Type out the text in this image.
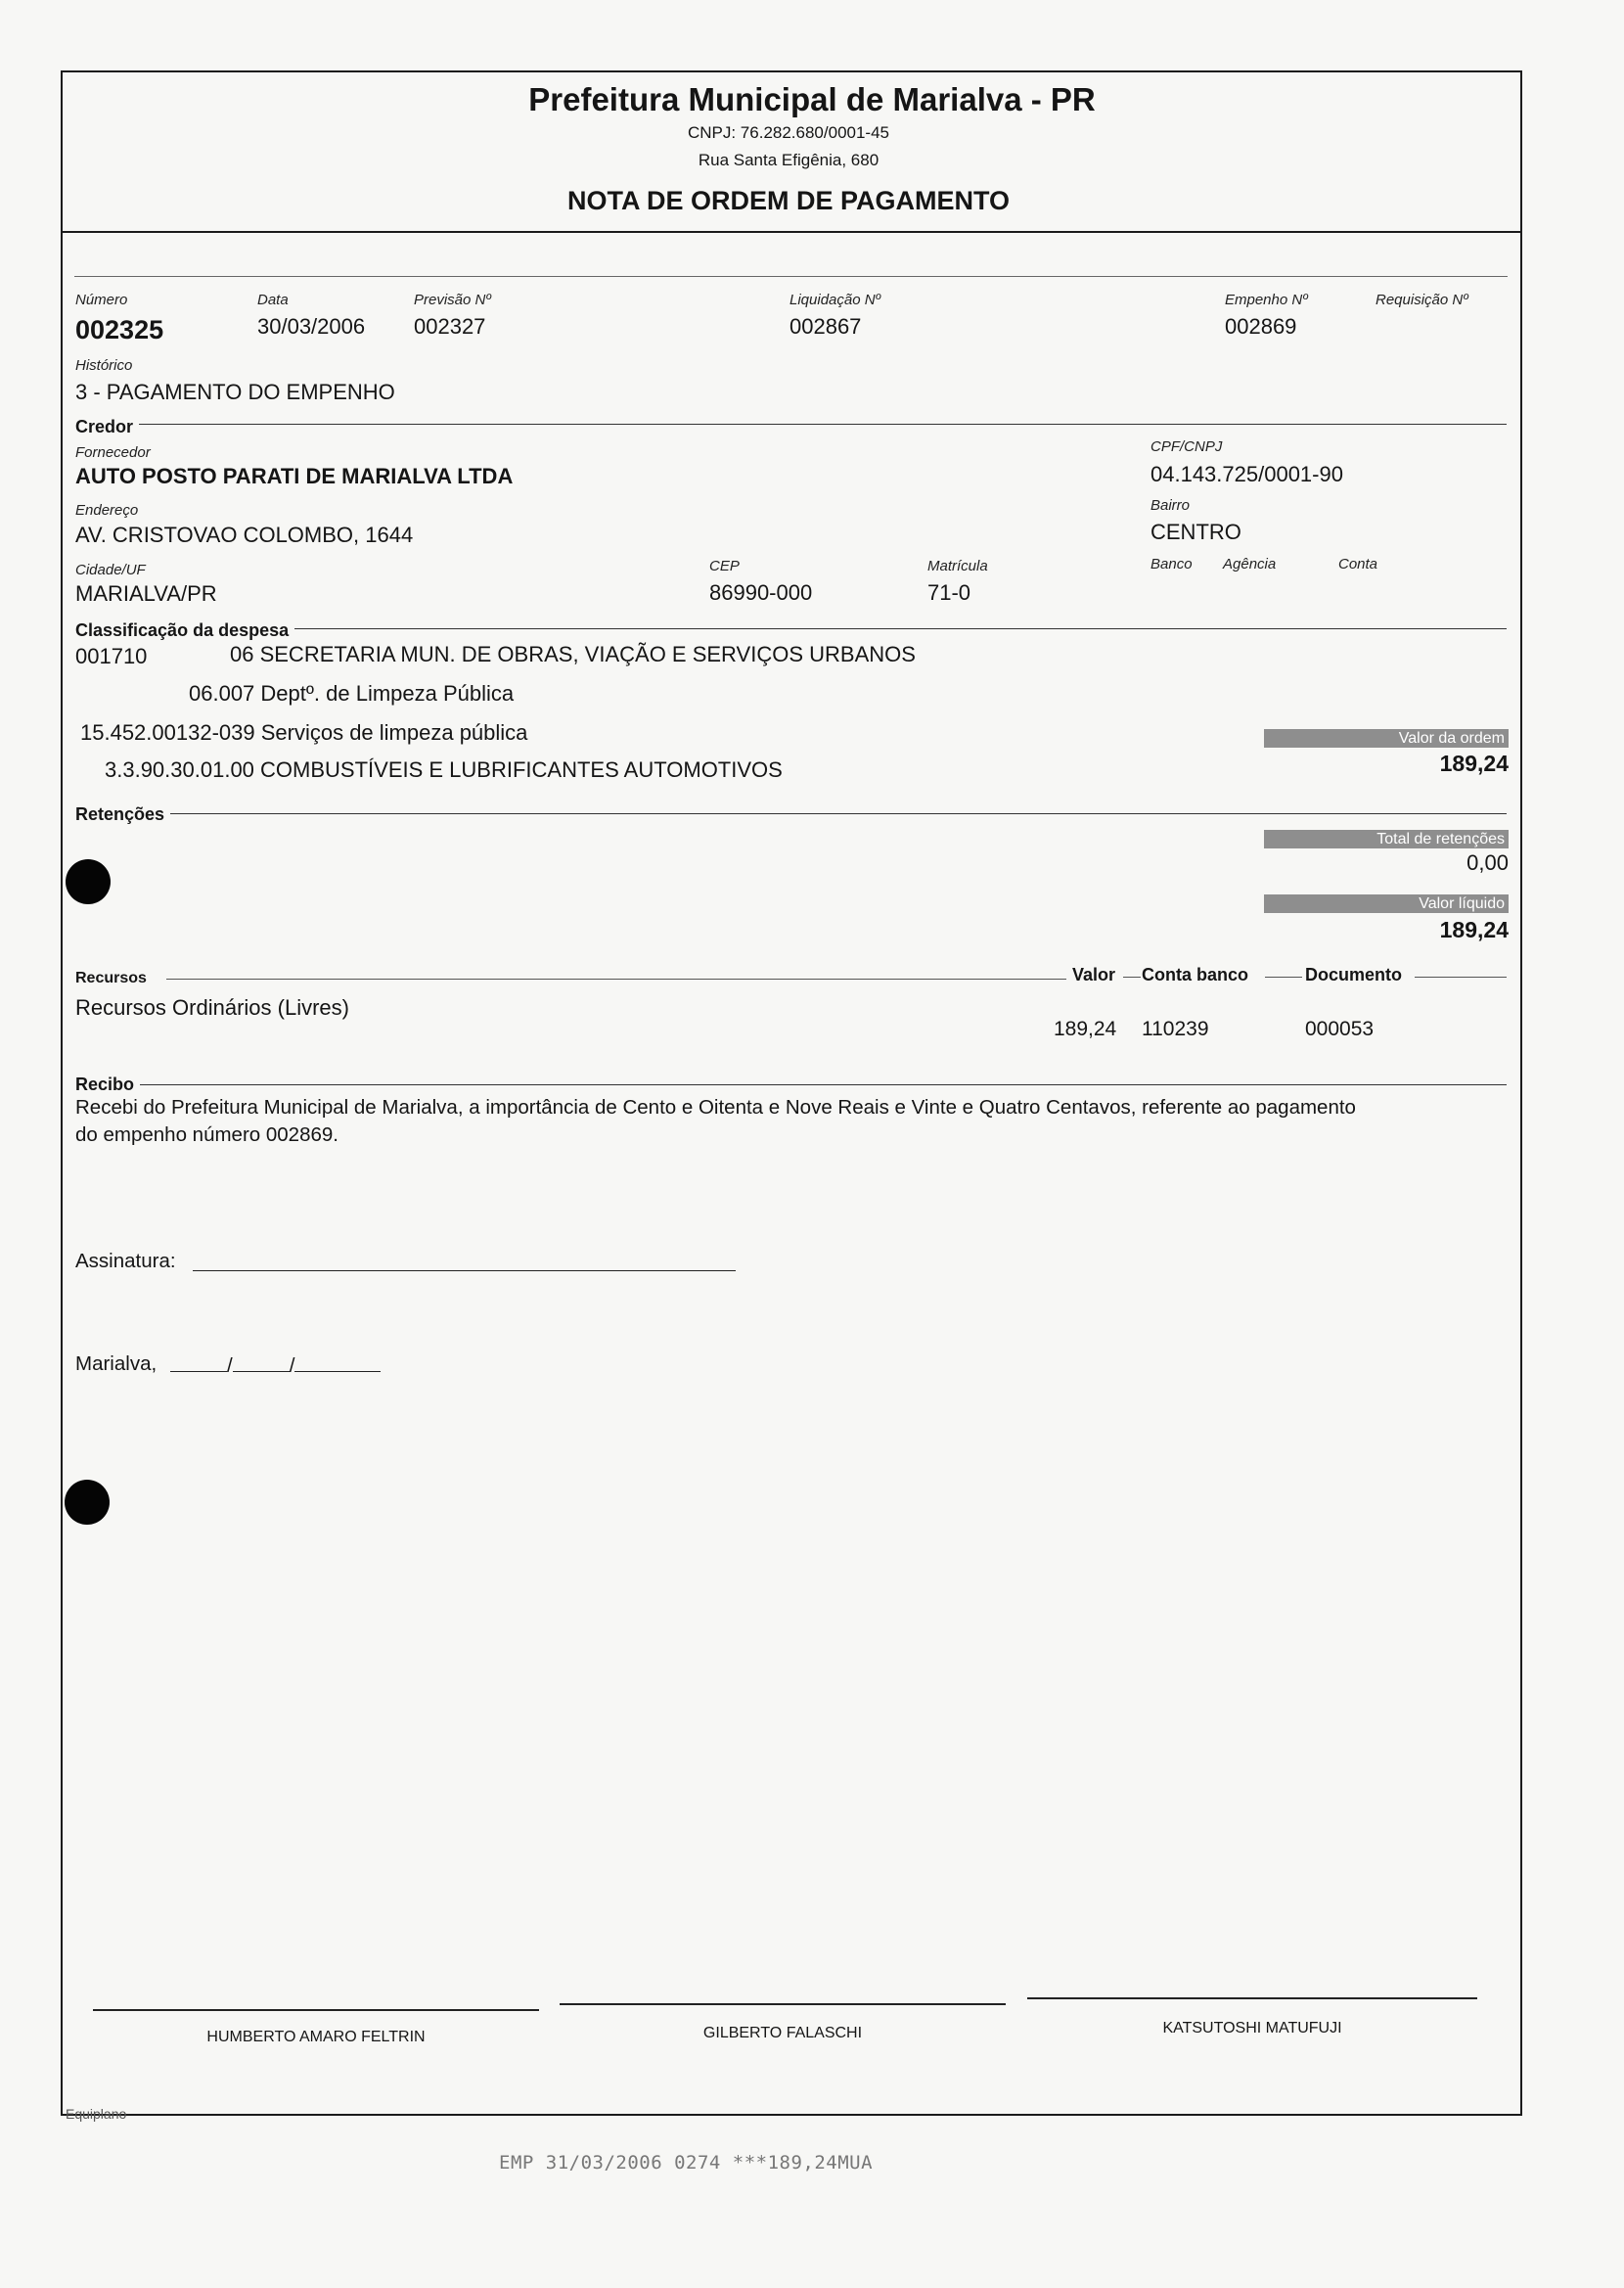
Prefeitura Municipal de Marialva - PR
CNPJ: 76.282.680/0001-45
Rua Santa Efigênia, 680
NOTA DE ORDEM DE PAGAMENTO
Número
002325
Data
30/03/2006
Previsão Nº
002327
Liquidação Nº
002867
Empenho Nº
002869
Requisição Nº
Histórico
3 - PAGAMENTO DO EMPENHO
Credor
Fornecedor
AUTO POSTO PARATI DE MARIALVA LTDA
CPF/CNPJ
04.143.725/0001-90
Endereço
AV. CRISTOVAO COLOMBO, 1644
Bairro
CENTRO
Cidade/UF
MARIALVA/PR
CEP
86990-000
Matrícula
71-0
Banco Agência	Conta
Classificação da despesa
001710	06 SECRETARIA MUN. DE OBRAS, VIAÇÃO E SERVIÇOS URBANOS
06.007 Deptº. de Limpeza Pública
15.452.00132-039 Serviços de limpeza pública
3.3.90.30.01.00 COMBUSTÍVEIS E LUBRIFICANTES AUTOMOTIVOS
Valor da ordem
189,24
Retenções
Total de retenções
0,00
Valor líquido
189,24
Recursos	Valor Conta banco	Documento
Recursos Ordinários (Livres)
189,24 110239	000053
Recibo
Recebi do Prefeitura Municipal de Marialva, a importância de Cento e Oitenta e Nove Reais e Vinte e Quatro Centavos, referente ao pagamento
do empenho número 002869.
Assinatura:
Marialva,	/	/
HUMBERTO AMARO FELTRIN	GILBERTO FALASCHI	KATSUTOSHI MATUFUJI
Equiplano
EMP 31/03/2006 0274 ***189,24MUA
